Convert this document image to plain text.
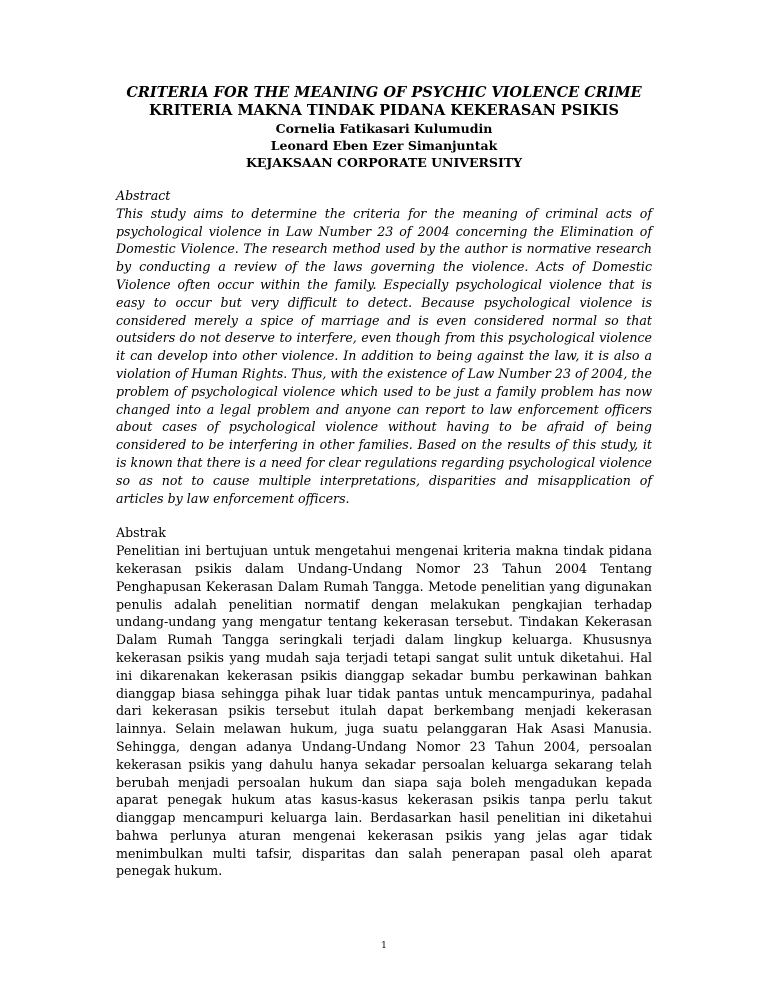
CRITERIA FOR THE MEANING OF PSYCHIC VIOLENCE CRIME

KRITERIA MAKNA TINDAK PIDANA KEKERASAN PSIKIS

Cornelia Fatikasari Kulumudin

Leonard Eben Ezer Simanjuntak

KEJAKSAAN CORPORATE UNIVERSITY

Abstract

This study aims to determine the criteria for the meaning of criminal acts of psychological violence in Law Number 23 of 2004 concerning the Elimination of Domestic Violence. The research method used by the author is normative research by conducting a review of the laws governing the violence. Acts of Domestic Violence often occur within the family. Especially psychological violence that is easy to occur but very difficult to detect. Because psychological violence is considered merely a spice of marriage and is even considered normal so that outsiders do not deserve to interfere, even though from this psychological violence it can develop into other violence. In addition to being against the law, it is also a violation of Human Rights. Thus, with the existence of Law Number 23 of 2004, the problem of psychological violence which used to be just a family problem has now changed into a legal problem and anyone can report to law enforcement officers about cases of psychological violence without having to be afraid of being considered to be interfering in other families. Based on the results of this study, it is known that there is a need for clear regulations regarding psychological violence so as not to cause multiple interpretations, disparities and misapplication of articles by law enforcement officers.

Abstrak

Penelitian ini bertujuan untuk mengetahui mengenai kriteria makna tindak pidana kekerasan psikis dalam Undang-Undang Nomor 23 Tahun 2004 Tentang Penghapusan Kekerasan Dalam Rumah Tangga. Metode penelitian yang digunakan penulis adalah penelitian normatif dengan melakukan pengkajian terhadap undang-undang yang mengatur tentang kekerasan tersebut. Tindakan Kekerasan Dalam Rumah Tangga seringkali terjadi dalam lingkup keluarga. Khususnya kekerasan psikis yang mudah saja terjadi tetapi sangat sulit untuk diketahui. Hal ini dikarenakan kekerasan psikis dianggap sekadar bumbu perkawinan bahkan dianggap biasa sehingga pihak luar tidak pantas untuk mencampurinya, padahal dari kekerasan psikis tersebut itulah dapat berkembang menjadi kekerasan lainnya. Selain melawan hukum, juga suatu pelanggaran Hak Asasi Manusia. Sehingga, dengan adanya Undang-Undang Nomor 23 Tahun 2004, persoalan kekerasan psikis yang dahulu hanya sekadar persoalan keluarga sekarang telah berubah menjadi persoalan hukum dan siapa saja boleh mengadukan kepada aparat penegak hukum atas kasus-kasus kekerasan psikis tanpa perlu takut dianggap mencampuri keluarga lain. Berdasarkan hasil penelitian ini diketahui bahwa perlunya aturan mengenai kekerasan psikis yang jelas agar tidak menimbulkan multi tafsir, disparitas dan salah penerapan pasal oleh aparat penegak hukum.

1
